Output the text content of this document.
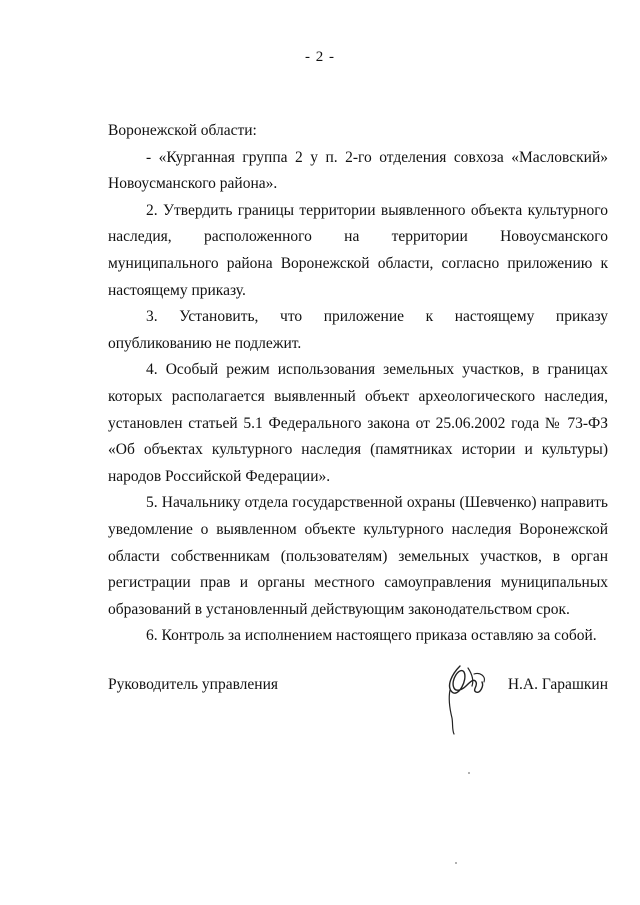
- 2 -

Воронежской области:

- «Курганная группа 2 у п. 2-го отделения совхоза «Масловский» Новоусманского района».

2. Утвердить границы территории выявленного объекта культурного наследия, расположенного на территории Новоусманского муниципального района Воронежской области, согласно приложению к настоящему приказу.

3. Установить, что приложение к настоящему приказу опубликованию не подлежит.

4. Особый режим использования земельных участков, в границах которых располагается выявленный объект археологического наследия, установлен статьей 5.1 Федерального закона от 25.06.2002 года № 73-ФЗ «Об объектах культурного наследия (памятниках истории и культуры) народов Российской Федерации».

5. Начальнику отдела государственной охраны (Шевченко) направить уведомление о выявленном объекте культурного наследия Воронежской области собственникам (пользователям) земельных участков, в орган регистрации прав и органы местного самоуправления муниципальных образований в установленный действующим законодательством срок.

6. Контроль за исполнением настоящего приказа оставляю за собой.

Руководитель управления	Н.А. Гарашкин
